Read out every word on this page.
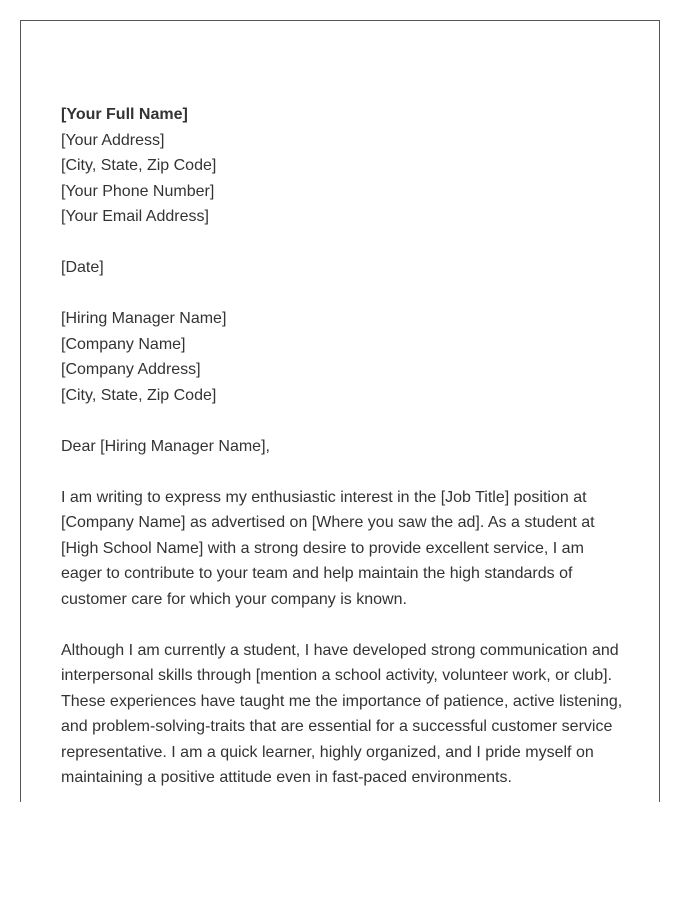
[Your Full Name]
[Your Address]
[City, State, Zip Code]
[Your Phone Number]
[Your Email Address]
[Date]
[Hiring Manager Name]
[Company Name]
[Company Address]
[City, State, Zip Code]
Dear [Hiring Manager Name],

I am writing to express my enthusiastic interest in the [Job Title] position at [Company Name] as advertised on [Where you saw the ad]. As a student at [High School Name] with a strong desire to provide excellent service, I am eager to contribute to your team and help maintain the high standards of customer care for which your company is known.

Although I am currently a student, I have developed strong communication and interpersonal skills through [mention a school activity, volunteer work, or club]. These experiences have taught me the importance of patience, active listening, and problem-solving-traits that are essential for a successful customer service representative. I am a quick learner, highly organized, and I pride myself on maintaining a positive attitude even in fast-paced environments.
